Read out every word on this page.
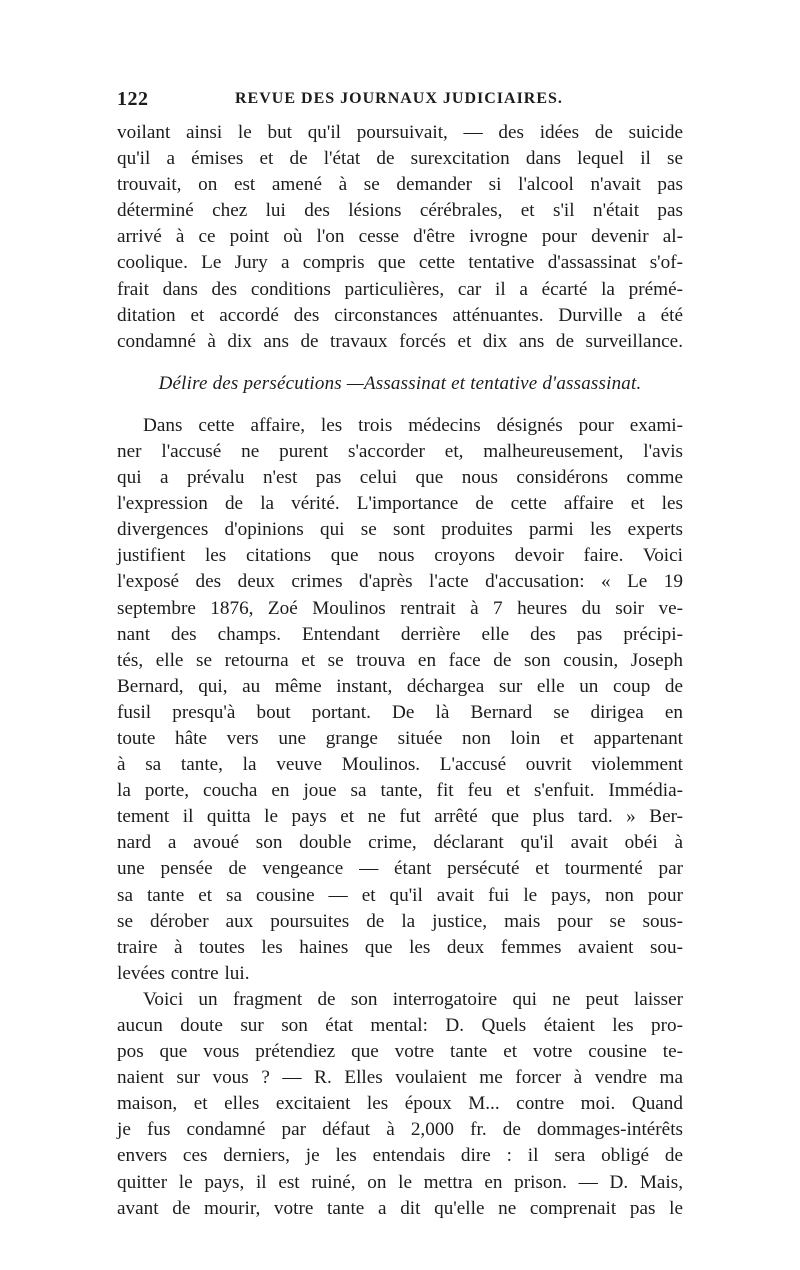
122	REVUE DES JOURNAUX JUDICIAIRES.
voilant ainsi le but qu'il poursuivait, — des idées de suicide
qu'il a émises et de l'état de surexcitation dans lequel il se
trouvait, on est amené à se demander si l'alcool n'avait pas
déterminé chez lui des lésions cérébrales, et s'il n'était pas
arrivé à ce point où l'on cesse d'être ivrogne pour devenir al-
coolique. Le Jury a compris que cette tentative d'assassinat s'of-
frait dans des conditions particulières, car il a écarté la prémé-
ditation et accordé des circonstances atténuantes. Durville a été
condamné à dix ans de travaux forcés et dix ans de surveillance.
Délire des persécutions —Assassinat et tentative d'assassinat.
Dans cette affaire, les trois médecins désignés pour exami-
ner l'accusé ne purent s'accorder et, malheureusement, l'avis
qui a prévalu n'est pas celui que nous considérons comme
l'expression de la vérité. L'importance de cette affaire et les
divergences d'opinions qui se sont produites parmi les experts
justifient les citations que nous croyons devoir faire. Voici
l'exposé des deux crimes d'après l'acte d'accusation: « Le 19
septembre 1876, Zoé Moulinos rentrait à 7 heures du soir ve-
nant des champs. Entendant derrière elle des pas précipi-
tés, elle se retourna et se trouva en face de son cousin, Joseph
Bernard, qui, au même instant, déchargea sur elle un coup de
fusil presqu'à bout portant. De là Bernard se dirigea en
toute hâte vers une grange située non loin et appartenant
à sa tante, la veuve Moulinos. L'accusé ouvrit violemment
la porte, coucha en joue sa tante, fit feu et s'enfuit. Immédia-
tement il quitta le pays et ne fut arrêté que plus tard. » Ber-
nard a avoué son double crime, déclarant qu'il avait obéi à
une pensée de vengeance — étant persécuté et tourmenté par
sa tante et sa cousine — et qu'il avait fui le pays, non pour
se dérober aux poursuites de la justice, mais pour se sous-
traire à toutes les haines que les deux femmes avaient sou-
levées contre lui.
Voici un fragment de son interrogatoire qui ne peut laisser
aucun doute sur son état mental: D. Quels étaient les pro-
pos que vous prétendiez que votre tante et votre cousine te-
naient sur vous ? — R. Elles voulaient me forcer à vendre ma
maison, et elles excitaient les époux M... contre moi. Quand
je fus condamné par défaut à 2,000 fr. de dommages-intérêts
envers ces derniers, je les entendais dire : il sera obligé de
quitter le pays, il est ruiné, on le mettra en prison. — D. Mais,
avant de mourir, votre tante a dit qu'elle ne comprenait pas le
